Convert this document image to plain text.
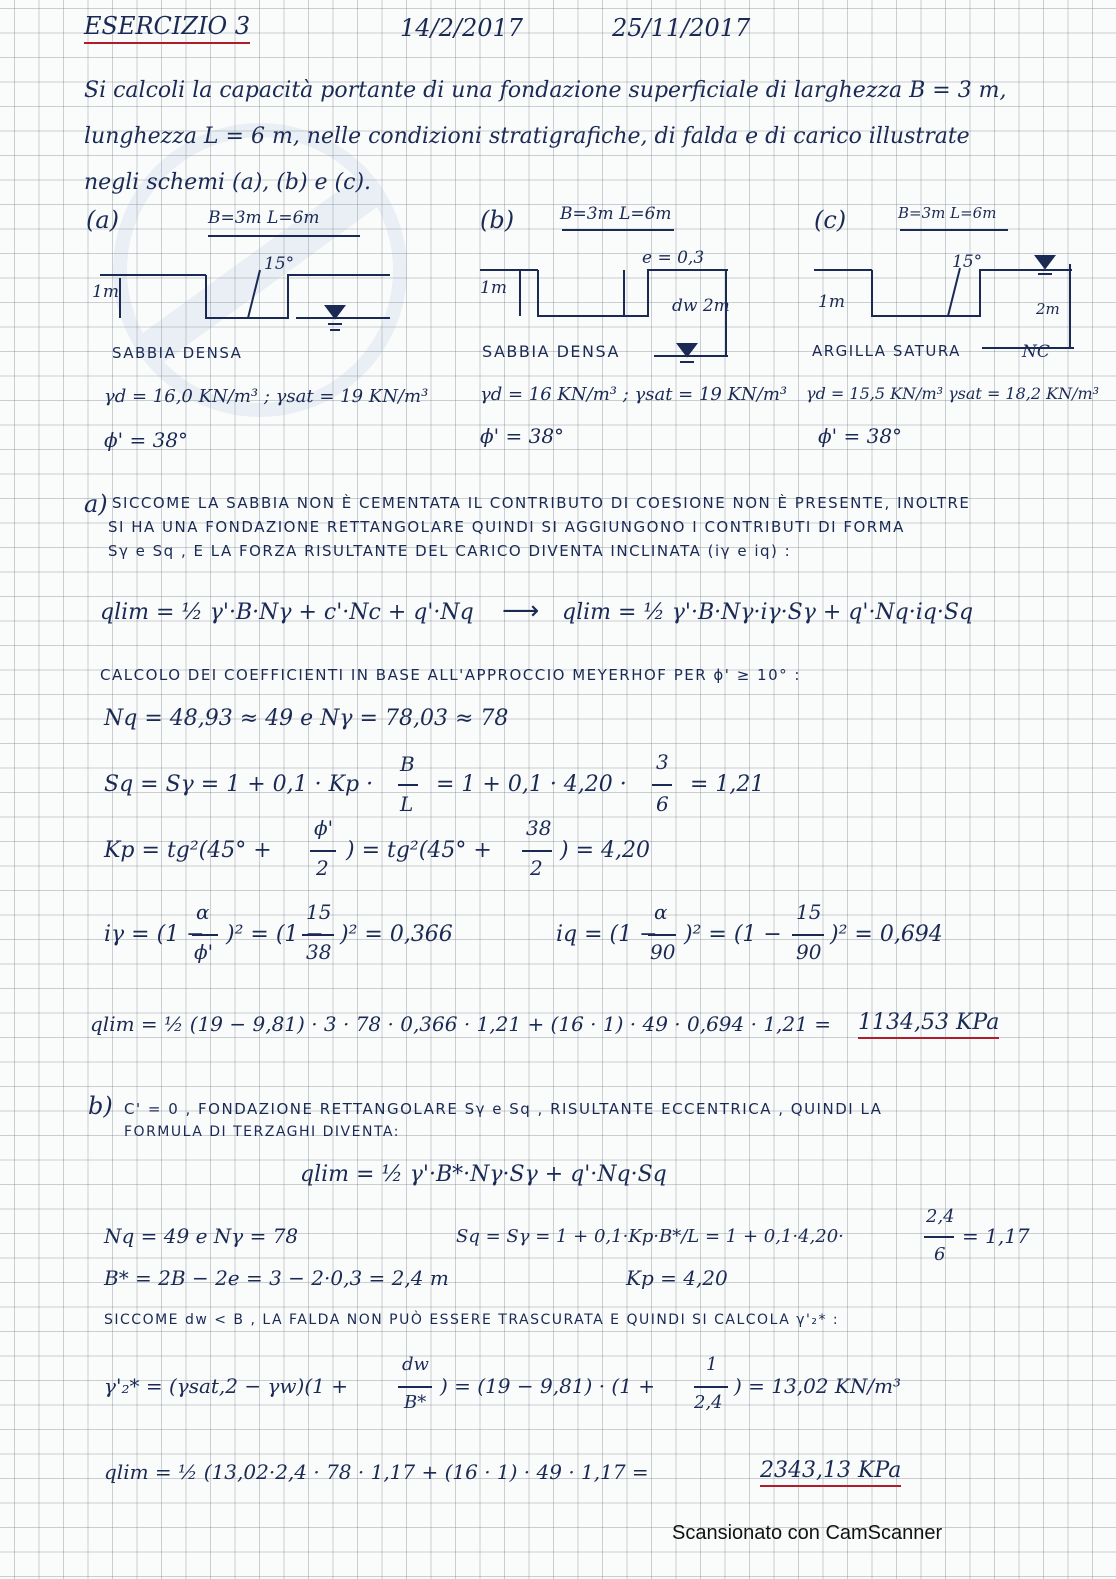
ESERCIZIO 3	14/2/2017	25/11/2017
Si calcoli la capacità portante di una fondazione superficiale di larghezza B = 3 m,
lunghezza L = 6 m, nelle condizioni stratigrafiche, di falda e di carico illustrate
negli schemi (a), (b) e (c).
(a)	B=3m L=6m
15°
1m
SABBIA DENSA
γd = 16,0 KN/m³ ; γsat = 19 KN/m³
ϕ' = 38°
(b)	B=3m L=6m
e = 0,3
1m
dw 2m
SABBIA DENSA
γd = 16 KN/m³ ; γsat = 19 KN/m³
ϕ' = 38°
(c)	B=3m L=6m
15°
1m	2m
ARGILLA SATURA	NC
γd = 15,5 KN/m³ γsat = 18,2 KN/m³
ϕ' = 38°
a) SICCOME LA SABBIA NON È CEMENTATA IL CONTRIBUTO DI COESIONE NON È PRESENTE, INOLTRE
SI HA UNA FONDAZIONE RETTANGOLARE QUINDI SI AGGIUNGONO I CONTRIBUTI DI FORMA
Sγ e Sq , E LA FORZA RISULTANTE DEL CARICO DIVENTA INCLINATA (iγ e iq) :
qlim = ½ γ'·B·Nγ + c'·Nc + q'·Nq ⟶ qlim = ½ γ'·B·Nγ·iγ·Sγ + q'·Nq·iq·Sq
CALCOLO DEI COEFFICIENTI IN BASE ALL'APPROCCIO MEYERHOF PER ϕ' ≥ 10° :
Nq = 48,93 ≈ 49 e Nγ = 78,03 ≈ 78
Sq = Sγ = 1 + 0,1 · Kp ·
B
L
= 1 + 0,1 · 4,20 ·
3
6
= 1,21
Kp = tg²(45° +
ϕ'
2
) = tg²(45° +
38
2
) = 4,20
iγ = (1 −
α
ϕ'
)² = (1 −
15
38
)² = 0,366	iq = (1 −
α
90
)² = (1 −
15
90
)² = 0,694
qlim = ½ (19 − 9,81) · 3 · 78 · 0,366 · 1,21 + (16 · 1) · 49 · 0,694 · 1,21 = 1134,53 KPa
b) C' = 0 , FONDAZIONE RETTANGOLARE Sγ e Sq , RISULTANTE ECCENTRICA , QUINDI LA
FORMULA DI TERZAGHI DIVENTA:
qlim = ½ γ'·B*·Nγ·Sγ + q'·Nq·Sq
Nq = 49 e Nγ = 78	Sq = Sγ = 1 + 0,1·Kp·B*/L = 1 + 0,1·4,20·
2,4
6
= 1,17
B* = 2B − 2e = 3 − 2·0,3 = 2,4 m	Kp = 4,20
SICCOME dw < B , LA FALDA NON PUÒ ESSERE TRASCURATA E QUINDI SI CALCOLA γ'₂* :
γ'₂* = (γsat,2 − γw)(1 +
dw
B*
) = (19 − 9,81) · (1 +
1
2,4
) = 13,02 KN/m³
qlim = ½ (13,02·2,4 · 78 · 1,17 + (16 · 1) · 49 · 1,17 =	2343,13 KPa
Scansionato con CamScanner
